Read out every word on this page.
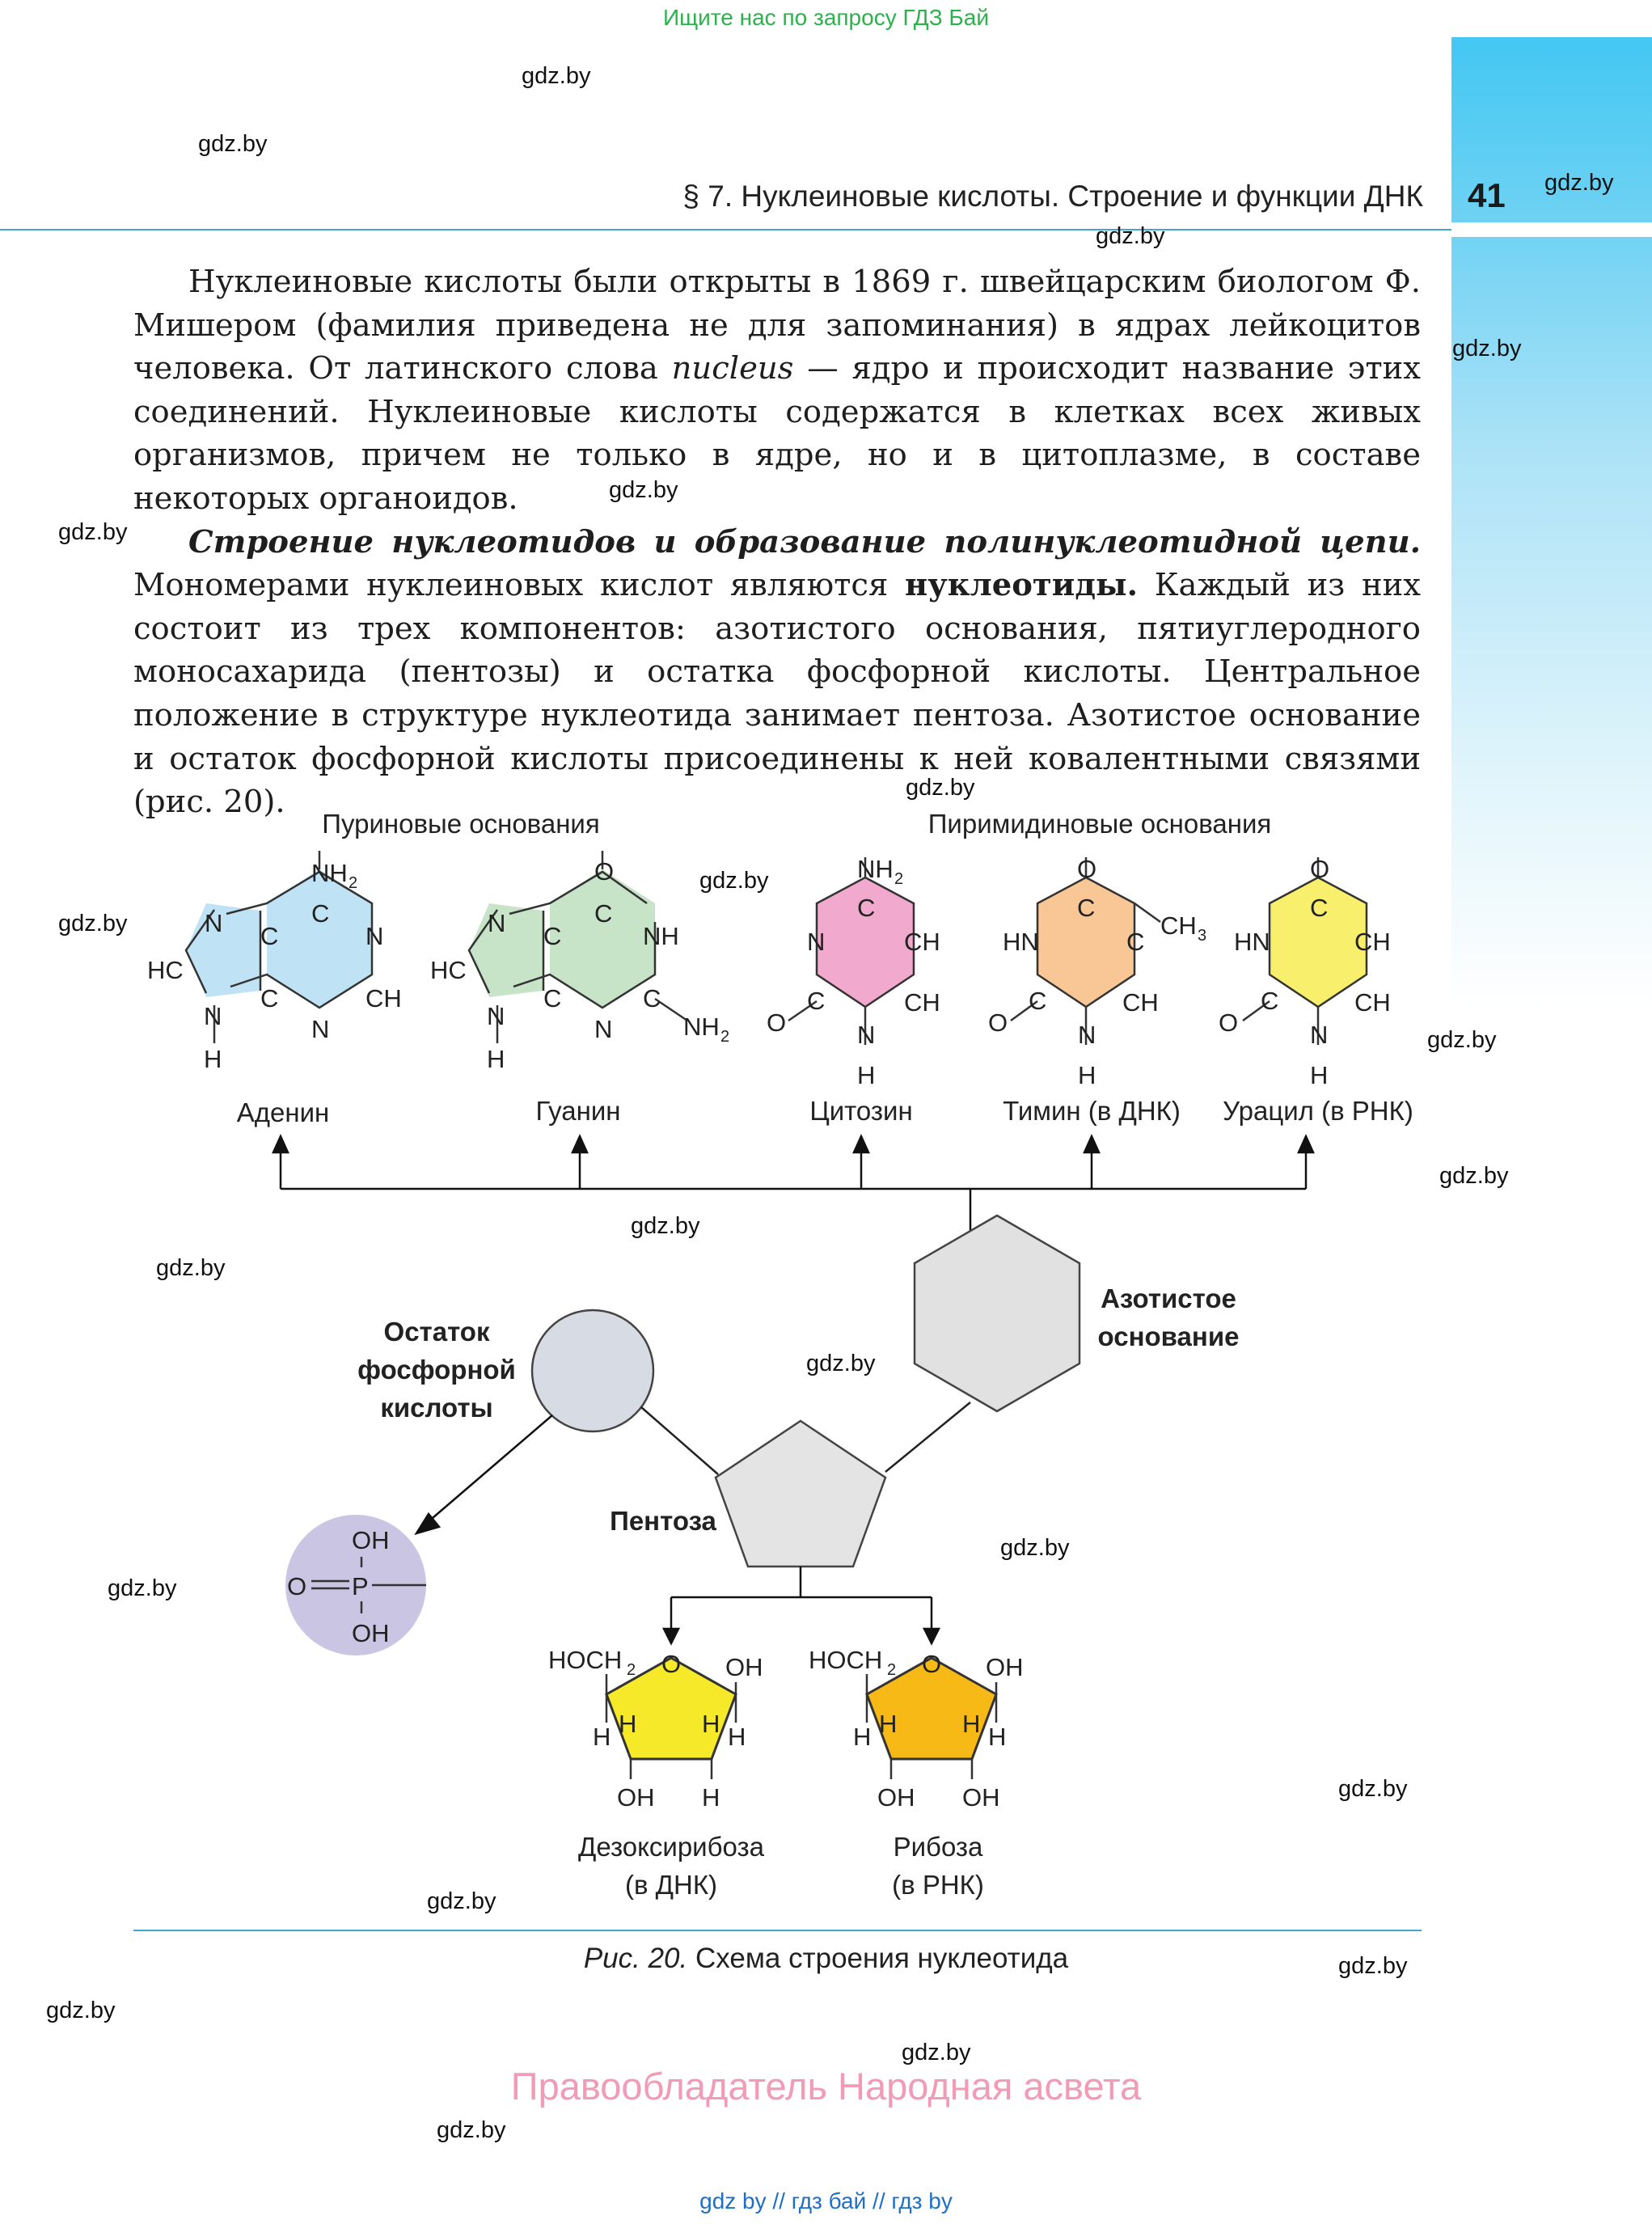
Ищите нас по запросу ГДЗ Бай
§ 7. Нуклеиновые кислоты. Строение и функции ДНК 41
gdz.by
gdz.by
gdz.by
gdz.by
gdz.by
gdz.by
gdz.by
gdz.by
gdz.by
gdz.by
gdz.by
gdz.by
gdz.by
gdz.by
gdz.by
gdz.by
gdz.by
gdz.by
gdz.by
gdz.by
gdz.by
gdz.by
gdz.by

Нуклеиновые кислоты были открыты в 1869 г. швейцарским биологом Ф. Мишером (фамилия приведена не для запоминания) в ядрах лейкоцитов человека. От латинского слова nucleus — ядро и происходит название этих соединений. Нуклеиновые кислоты содержатся в клетках всех живых организмов, причем не только в ядре, но и в цитоплазме, в составе некоторых органоидов.

Строение нуклеотидов и образование полинуклеотидной цепи. Мономерами нуклеиновых кислот являются нуклеотиды. Каждый из них состоит из трех компонентов: азотистого основания, пятиуглеродного моносахарида (пентозы) и остатка фосфорной кислоты. Центральное положение в структуре нуклеотида занимает пентоза. Азотистое основание и остаток фосфорной кислоты присоединены к ней ковалентными связями (рис. 20).

Пуриновые основания	Пиримидиновые основания
Аденин	Гуанин	Цитозин	Тимин (в ДНК)	Урацил (в РНК)
Азотистое
основание
Остаток
фосфорной
кислоты
Пентоза
Дезоксирибоза
(в ДНК)
Рибоза
(в РНК)
NH 2
N C
C
N
HC
C	CH
N	N
H
O
N C
C
NH
HC
C	C
NH 2
N	N
H
NH 2
C
N	CH
C	CH
O	N
H
O
C
HN	C
CH 3
C	CH
O	N
H
O
C
HN	CH
C	CH
O	N
H
OH
O P
OH
HOCH 2 O OH
H
H	H H
OH H
HOCH 2 O OH
H
H	H H
OH OH
Рис. 20. Схема строения нуклеотида
Правообладатель Народная асвета
gdz by // гдз бай // гдз by
